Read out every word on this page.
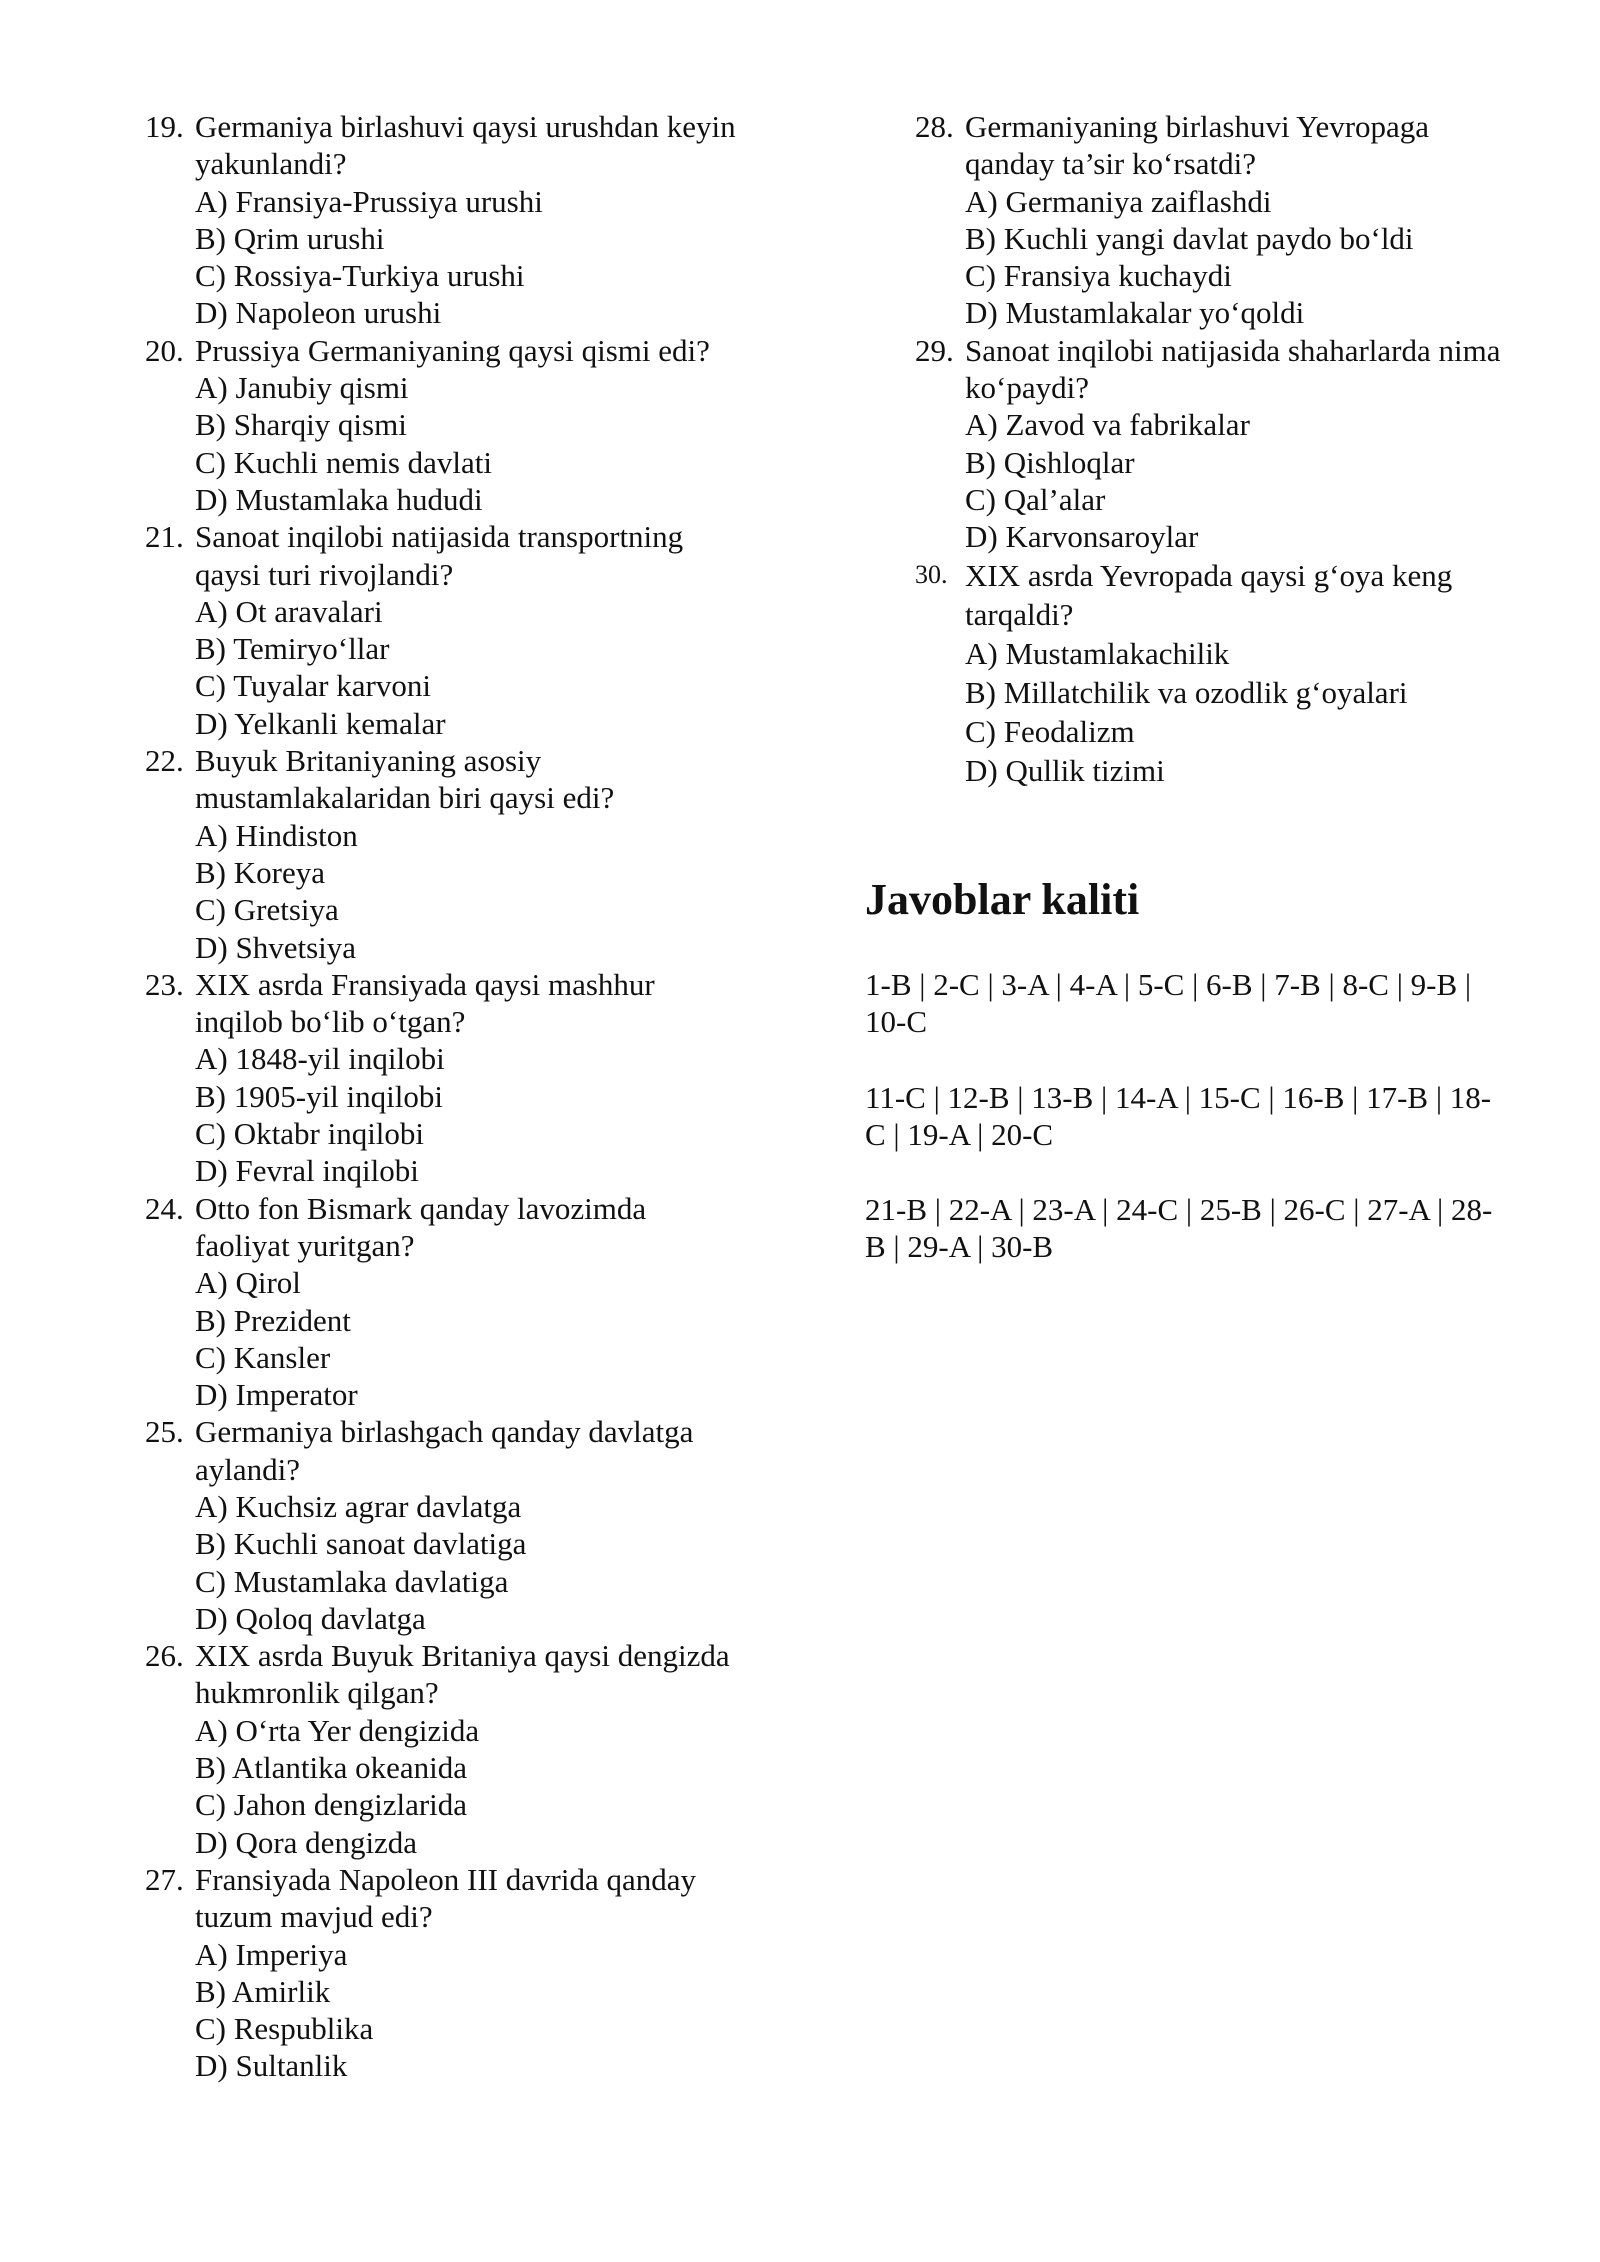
19. Germaniya birlashuvi qaysi urushdan keyin
yakunlandi?
A) Fransiya-Prussiya urushi
B) Qrim urushi
C) Rossiya-Turkiya urushi
D) Napoleon urushi
20. Prussiya Germaniyaning qaysi qismi edi?
A) Janubiy qismi
B) Sharqiy qismi
C) Kuchli nemis davlati
D) Mustamlaka hududi
21. Sanoat inqilobi natijasida transportning
qaysi turi rivojlandi?
A) Ot aravalari
B) Temiryo‘llar
C) Tuyalar karvoni
D) Yelkanli kemalar
22. Buyuk Britaniyaning asosiy
mustamlakalaridan biri qaysi edi?
A) Hindiston
B) Koreya
C) Gretsiya
D) Shvetsiya
23. XIX asrda Fransiyada qaysi mashhur
inqilob bo‘lib o‘tgan?
A) 1848-yil inqilobi
B) 1905-yil inqilobi
C) Oktabr inqilobi
D) Fevral inqilobi
24. Otto fon Bismark qanday lavozimda
faoliyat yuritgan?
A) Qirol
B) Prezident
C) Kansler
D) Imperator
25. Germaniya birlashgach qanday davlatga
aylandi?
A) Kuchsiz agrar davlatga
B) Kuchli sanoat davlatiga
C) Mustamlaka davlatiga
D) Qoloq davlatga
26. XIX asrda Buyuk Britaniya qaysi dengizda
hukmronlik qilgan?
A) O‘rta Yer dengizida
B) Atlantika okeanida
C) Jahon dengizlarida
D) Qora dengizda
27. Fransiyada Napoleon III davrida qanday
tuzum mavjud edi?
A) Imperiya
B) Amirlik
C) Respublika
D) Sultanlik
28. Germaniyaning birlashuvi Yevropaga
qanday ta’sir ko‘rsatdi?
A) Germaniya zaiflashdi
B) Kuchli yangi davlat paydo bo‘ldi
C) Fransiya kuchaydi
D) Mustamlakalar yo‘qoldi
29. Sanoat inqilobi natijasida shaharlarda nima
ko‘paydi?
A) Zavod va fabrikalar
B) Qishloqlar
C) Qal’alar
D) Karvonsaroylar
30. XIX asrda Yevropada qaysi g‘oya keng
tarqaldi?
A) Mustamlakachilik
B) Millatchilik va ozodlik g‘oyalari
C) Feodalizm
D) Qullik tizimi
Javoblar kaliti

1-B | 2-C | 3-A | 4-A | 5-C | 6-B | 7-B | 8-C | 9-B |

10-C

11-C | 12-B | 13-B | 14-A | 15-C | 16-B | 17-B | 18-

C | 19-A | 20-C

21-B | 22-A | 23-A | 24-C | 25-B | 26-C | 27-A | 28-

B | 29-A | 30-B
